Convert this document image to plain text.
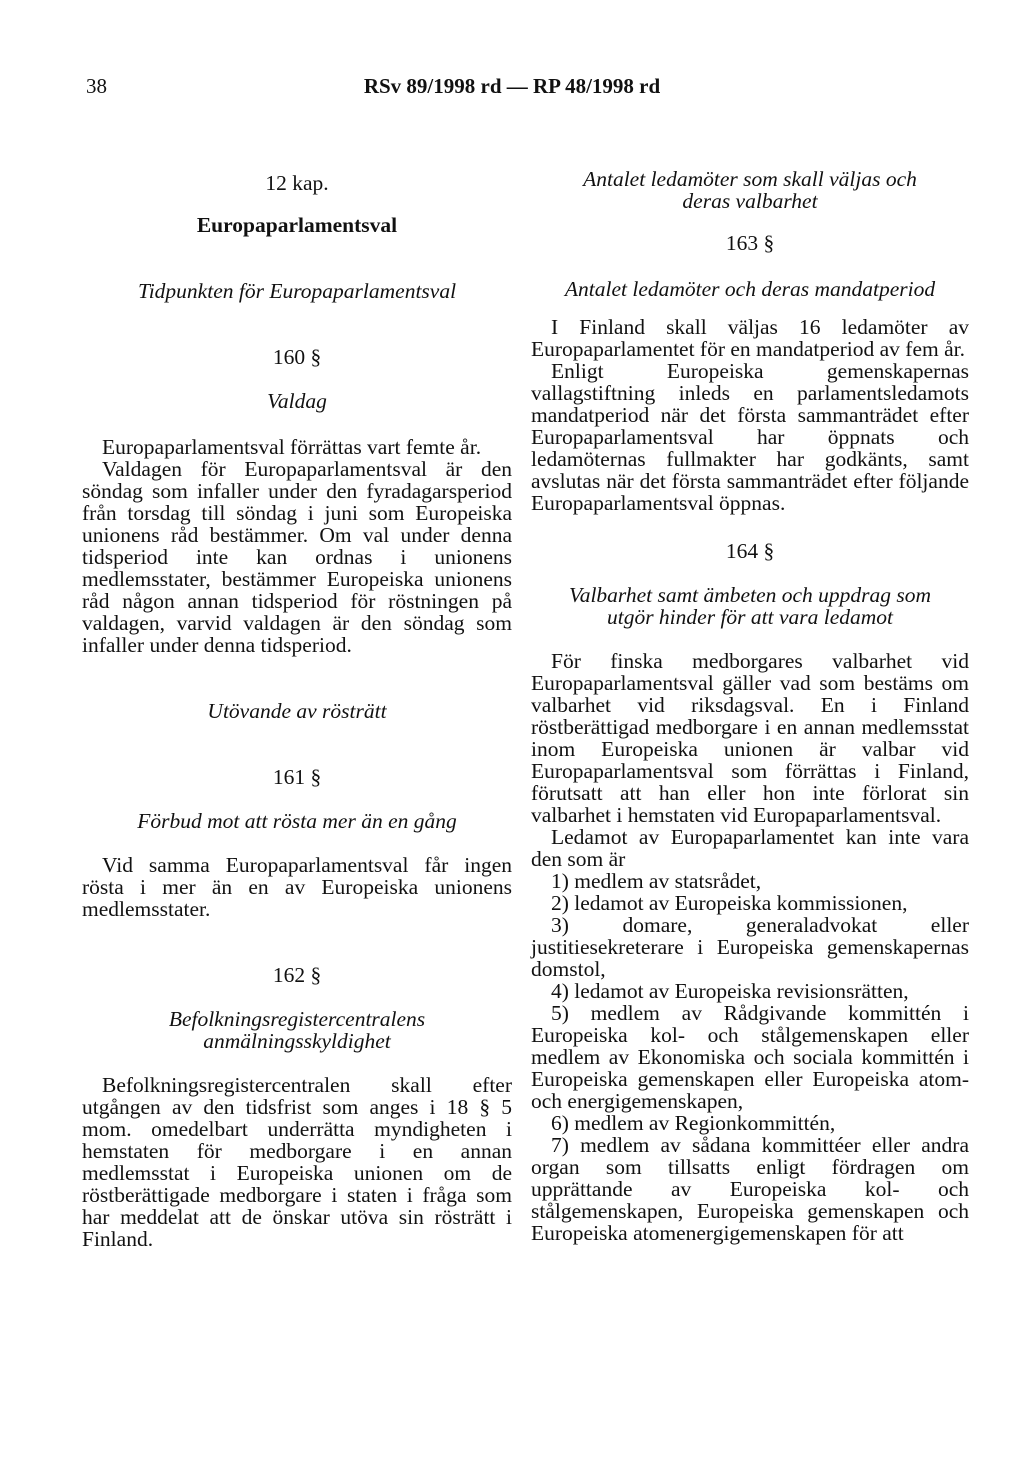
38	RSv 89/1998 rd — RP 48/1998 rd
12 kap.
Europaparlamentsval
Tidpunkten för Europaparlamentsval
160 §
Valdag

Europaparlamentsval förrättas vart femte år.

Valdagen för Europaparlamentsval är den söndag som infaller under den fyradagarsperiod från torsdag till söndag i juni som Europeiska unionens råd bestämmer. Om val under denna tidsperiod inte kan ordnas i unionens medlemsstater, bestämmer Europeiska unionens råd någon annan tidsperiod för röstningen på valdagen, varvid valdagen är den söndag som infaller under denna tidsperiod.

Utövande av rösträtt
161 §
Förbud mot att rösta mer än en gång

Vid samma Europaparlamentsval får ingen rösta i mer än en av Europeiska unionens medlemsstater.

162 §
Befolkningsregistercentralens anmälningsskyldighet

Befolkningsregistercentralen skall efter utgången av den tidsfrist som anges i 18 § 5 mom. omedelbart underrätta myndigheten i hemstaten för medborgare i en annan medlemsstat i Europeiska unionen om de röstberättigade medborgare i staten i fråga som har meddelat att de önskar utöva sin rösträtt i Finland.

Antalet ledamöter som skall väljas och deras valbarhet
163 §
Antalet ledamöter och deras mandatperiod

I Finland skall väljas 16 ledamöter av Europaparlamentet för en mandatperiod av fem år.

Enligt Europeiska gemenskapernas vallagstiftning inleds en parlamentsledamots mandatperiod när det första sammanträdet efter Europaparlamentsval har öppnats och ledamöternas fullmakter har godkänts, samt avslutas när det första sammanträdet efter följande Europaparlamentsval öppnas.

164 §
Valbarhet samt ämbeten och uppdrag som utgör hinder för att vara ledamot

För finska medborgares valbarhet vid Europaparlamentsval gäller vad som bestäms om valbarhet vid riksdagsval. En i Finland röstberättigad medborgare i en annan medlemsstat inom Europeiska unionen är valbar vid Europaparlamentsval som förrättas i Finland, förutsatt att han eller hon inte förlorat sin valbarhet i hemstaten vid Europaparlamentsval.

Ledamot av Europaparlamentet kan inte vara den som är

1) medlem av statsrådet,

2) ledamot av Europeiska kommissionen,

3) domare, generaladvokat eller justitiesekreterare i Europeiska gemenskapernas domstol,

4) ledamot av Europeiska revisionsrätten,

5) medlem av Rådgivande kommittén i Europeiska kol- och stålgemenskapen eller medlem av Ekonomiska och sociala kommittén i Europeiska gemenskapen eller Europeiska atom- och energigemenskapen,

6) medlem av Regionkommittén,

7) medlem av sådana kommittéer eller andra organ som tillsatts enligt fördragen om upprättande av Europeiska kol- och stålgemenskapen, Europeiska gemenskapen och Europeiska atomenergigemenskapen för att
